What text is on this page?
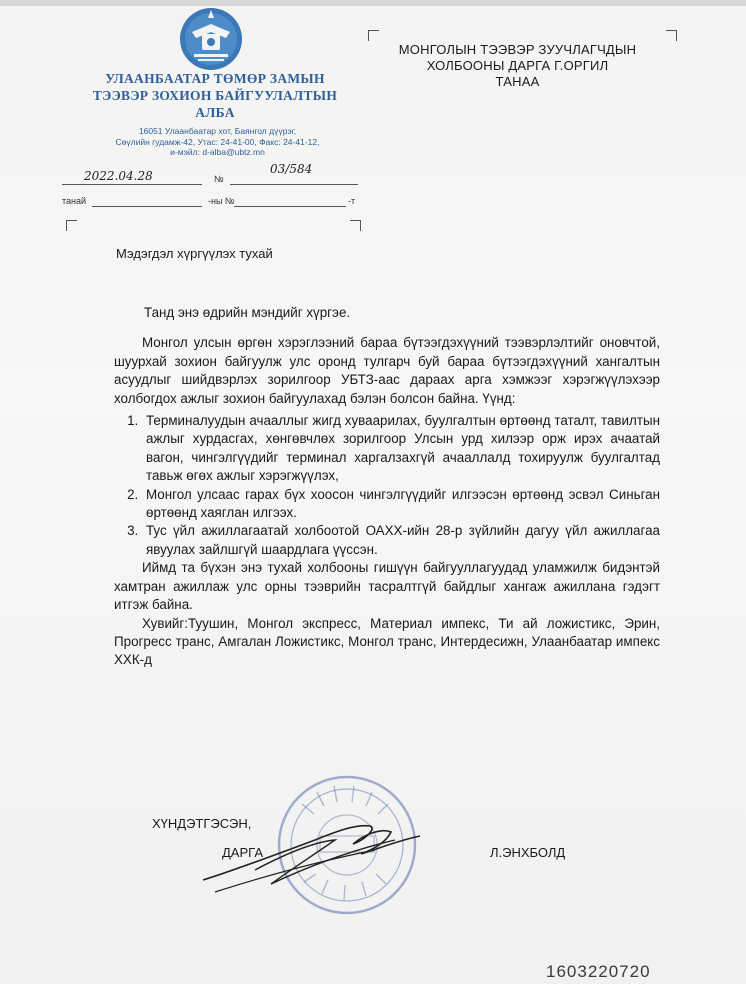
УЛААНБААТАР ТӨМӨР ЗАМЫН
ТЭЭВЭР ЗОХИОН БАЙГУУЛАЛТЫН
АЛБА
16051 Улаанбаатар хот, Баянгол дүүрэг,
Сөүлийн гудамж-42, Утас: 24-41-00, Факс: 24-41-12,
и-мэйл: d-alba@ubtz.mn
2022.04.28	№
03/584
танай	-ны №	-т
МОНГОЛЫН ТЭЭВЭР ЗУУЧЛАГЧДЫН
ХОЛБООНЫ ДАРГА Г.ОРГИЛ
ТАНАА
Мэдэгдэл хүргүүлэх тухай

Танд энэ өдрийн мэндийг хүргэе.

Монгол улсын өргөн хэрэглээний бараа бүтээгдэхүүний тээвэрлэлтийг оновчтой, шуурхай зохион байгуулж улс оронд тулгарч буй бараа бүтээгдэхүүний хангалтын асуудлыг шийдвэрлэх зорилгоор УБТЗ-аас дараах арга хэмжээг хэрэгжүүлэхээр холбогдох ажлыг зохион байгуулахад бэлэн болсон байна. Үүнд:

1. Терминалуудын ачааллыг жигд хуваарилах, буулгалтын өртөөнд таталт, тавилтын ажлыг хурдасгах, хөнгөвчлөх зорилгоор Улсын урд хилээр орж ирэх ачаатай вагон, чингэлгүүдийг терминал харгалзахгүй ачааллалд тохируулж буулгалтад тавьж өгөх ажлыг хэрэгжүүлэх,
2. Монгол улсаас гарах бүх хоосон чингэлгүүдийг илгээсэн өртөөнд эсвэл Синьган өртөөнд хаяглан илгээх.
3. Тус үйл ажиллагаатай холбоотой ОАХХ-ийн 28-р зүйлийн дагуу үйл ажиллагаа явуулах зайлшгүй шаардлага үүссэн.

Иймд та бүхэн энэ тухай холбооны гишүүн байгууллагуудад уламжилж бидэнтэй хамтран ажиллаж улс орны тээврийн тасралтгүй байдлыг хангаж ажиллана гэдэгт итгэж байна.

Хувийг:Туушин, Монгол экспресс, Материал импекс, Ти ай ложистикс, Эрин, Прогресс транс, Амгалан Ложистикс, Монгол транс, Интердесижн, Улаанбаатар импекс ХХК-д

ХҮНДЭТГЭСЭН,
ДАРГА	Л.ЭНХБОЛД
1603220720
